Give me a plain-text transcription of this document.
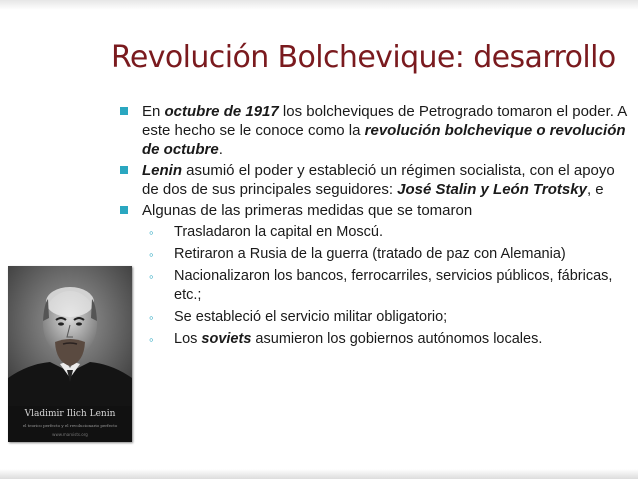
Revolución Bolchevique: desarrollo

En octubre de 1917 los bolcheviques de Petrogrado tomaron el poder. A este hecho se le conoce como la revolución bolchevique o revolución de octubre.

Lenin asumió el poder y estableció un régimen socialista, con el apoyo de dos de sus principales seguidores: José Stalin y León Trotsky, e

Algunas de las primeras medidas que se tomaron

◦ Trasladaron la capital en Moscú.

◦ Retiraron a Rusia de la guerra (tratado de paz con Alemania)

◦ Nacionalizaron los bancos, ferrocarriles, servicios públicos, fábricas, etc.;

◦ Se estableció el servicio militar obligatorio;

◦ Los soviets asumieron los gobiernos autónomos locales.

Vladimir Ilich Lenin
el teorico perfecto y el revolucionario perfecto
www.marxists.org
